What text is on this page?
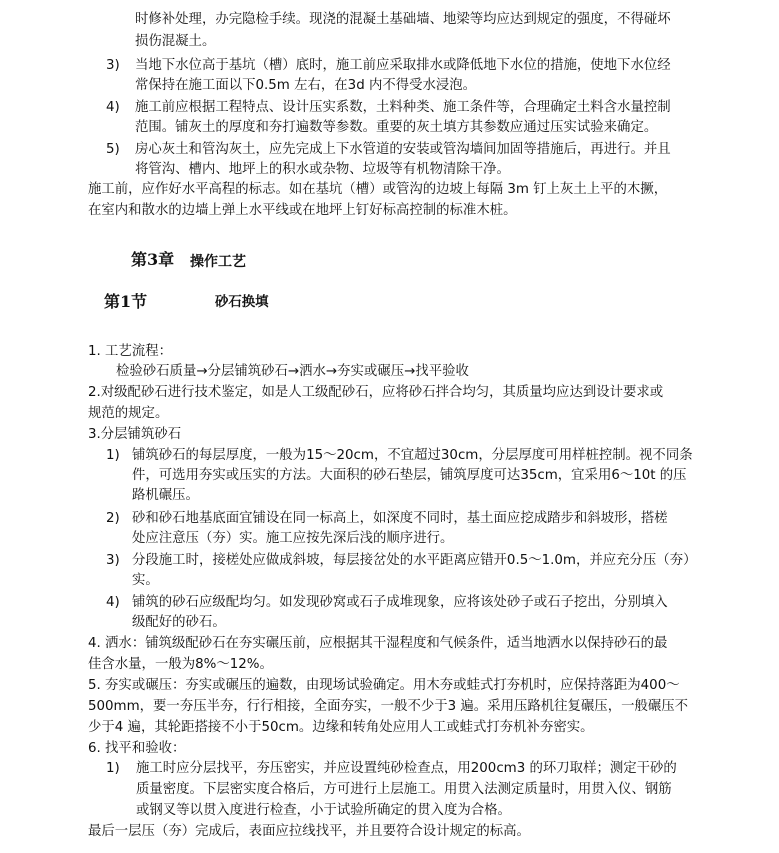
时修补处理，办完隐检手续。现浇的混凝土基础墙、地梁等均应达到规定的强度，不得碰坏
损伤混凝土。
3) 当地下水位高于基坑（槽）底时，施工前应采取排水或降低地下水位的措施，使地下水位经
常保持在施工面以下0.5m 左右，在3d 内不得受水浸泡。
4) 施工前应根据工程特点、设计压实系数，土料种类、施工条件等，合理确定土料含水量控制
范围。铺灰土的厚度和夯打遍数等参数。重要的灰土填方其参数应通过压实试验来确定。
5) 房心灰土和管沟灰土，应先完成上下水管道的安装或管沟墙间加固等措施后，再进行。并且
将管沟、槽内、地坪上的积水或杂物、垃圾等有机物清除干净。
施工前，应作好水平高程的标志。如在基坑（槽）或管沟的边坡上每隔 3m 钉上灰土上平的木撅，
在室内和散水的边墙上弹上水平线或在地坪上钉好标高控制的标准木桩。
第3章 操作工艺
第1节	砂石换填
1. 工艺流程：
检验砂石质量→分层铺筑砂石→洒水→夯实或碾压→找平验收
2.对级配砂石进行技术鉴定，如是人工级配砂石，应将砂石拌合均匀，其质量均应达到设计要求或
规范的规定。
3.分层铺筑砂石
1) 铺筑砂石的每层厚度，一般为15～20cm，不宜超过30cm，分层厚度可用样桩控制。视不同条
件，可选用夯实或压实的方法。大面积的砂石垫层，铺筑厚度可达35cm，宜采用6～10t 的压
路机碾压。
2) 砂和砂石地基底面宜铺设在同一标高上，如深度不同时，基土面应挖成踏步和斜坡形，搭槎
处应注意压（夯）实。施工应按先深后浅的顺序进行。
3) 分段施工时，接槎处应做成斜坡，每层接岔处的水平距离应错开0.5～1.0m，并应充分压（夯）
实。
4) 铺筑的砂石应级配均匀。如发现砂窝或石子成堆现象，应将该处砂子或石子挖出，分别填入
级配好的砂石。
4. 洒水：铺筑级配砂石在夯实碾压前，应根据其干湿程度和气候条件，适当地洒水以保持砂石的最
佳含水量，一般为8%～12%。
5. 夯实或碾压：夯实或碾压的遍数，由现场试验确定。用木夯或蛙式打夯机时，应保持落距为400～
500mm，要一夯压半夯，行行相接，全面夯实，一般不少于3 遍。采用压路机往复碾压，一般碾压不
少于4 遍，其轮距搭接不小于50cm。边缘和转角处应用人工或蛙式打夯机补夯密实。
6. 找平和验收：
1) 施工时应分层找平，夯压密实，并应设置纯砂检查点，用200cm3 的环刀取样；测定干砂的
质量密度。下层密实度合格后，方可进行上层施工。用贯入法测定质量时，用贯入仪、钢筋
或钢叉等以贯入度进行检查，小于试验所确定的贯入度为合格。
最后一层压（夯）完成后，表面应拉线找平，并且要符合设计规定的标高。
